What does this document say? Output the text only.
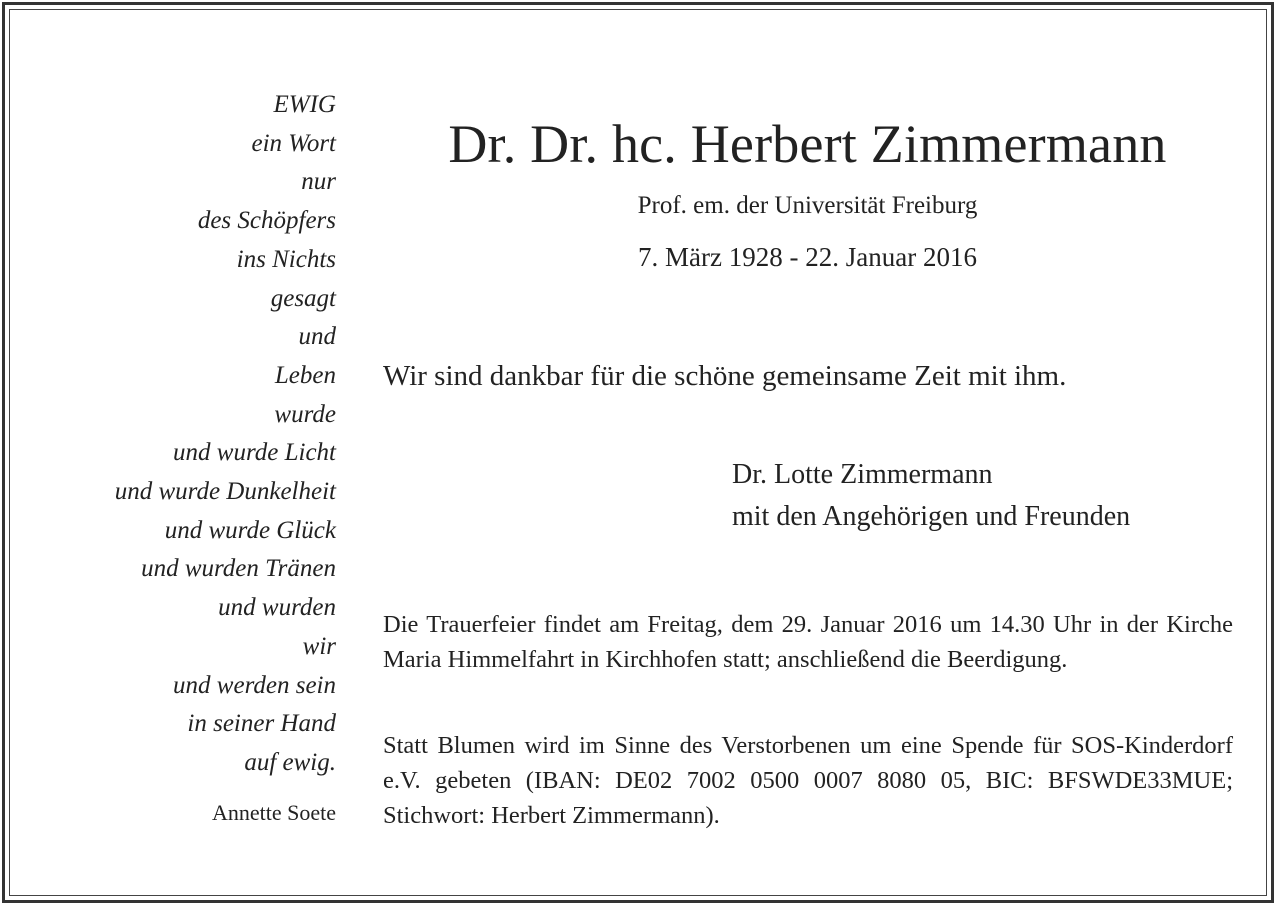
EWIG
ein Wort
nur
des Schöpfers
ins Nichts
gesagt
und
Leben
wurde
und wurde Licht
und wurde Dunkelheit
und wurde Glück
und wurden Tränen
und wurden
wir
und werden sein
in seiner Hand
auf ewig.
Annette Soete
Dr. Dr. hc. Herbert Zimmermann
Prof. em. der Universität Freiburg
7. März 1928 - 22. Januar 2016
Wir sind dankbar für die schöne gemeinsame Zeit mit ihm.
Dr. Lotte Zimmermann
mit den Angehörigen und Freunden
Die Trauerfeier findet am Freitag, dem 29. Januar 2016 um 14.30 Uhr in der Kirche Maria Himmelfahrt in Kirchhofen statt; anschließend die Beerdigung.
Statt Blumen wird im Sinne des Verstorbenen um eine Spende für SOS-Kinderdorf e.V. gebeten (IBAN: DE02 7002 0500 0007 8080 05, BIC: BFSWDE33MUE; Stichwort: Herbert Zimmermann).
